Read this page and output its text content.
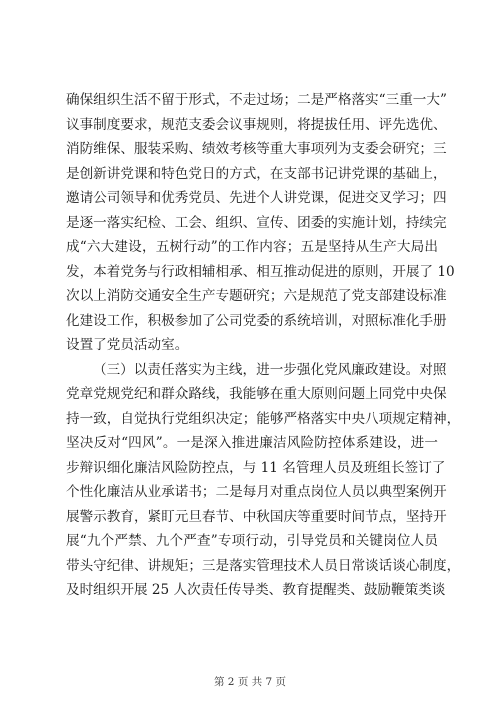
确保组织生活不留于形式，不走过场；二是严格落实“三重一大”
议事制度要求，规范支委会议事规则，将提拔任用、评先选优、
消防维保、服装采购、绩效考核等重大事项列为支委会研究；三
是创新讲党课和特色党日的方式，在支部书记讲党课的基础上，
邀请公司领导和优秀党员、先进个人讲党课，促进交叉学习；四
是逐一落实纪检、工会、组织、宣传、团委的实施计划，持续完
成“六大建设，五树行动”的工作内容；五是坚持从生产大局出
发，本着党务与行政相辅相承、相互推动促进的原则，开展了 10
次以上消防交通安全生产专题研究；六是规范了党支部建设标准
化建设工作，积极参加了公司党委的系统培训，对照标准化手册
设置了党员活动室。
（三）以责任落实为主线，进一步强化党风廉政建设。对照
党章党规党纪和群众路线，我能够在重大原则问题上同党中央保
持一致，自觉执行党组织决定；能够严格落实中央八项规定精神，
坚决反对“四风”。一是深入推进廉洁风险防控体系建设，进一
步辩识细化廉洁风险防控点，与 11 名管理人员及班组长签订了
个性化廉洁从业承诺书；二是每月对重点岗位人员以典型案例开
展警示教育，紧盯元旦春节、中秋国庆等重要时间节点，坚持开
展“九个严禁、九个严查”专项行动，引导党员和关键岗位人员
带头守纪律、讲规矩；三是落实管理技术人员日常谈话谈心制度，
及时组织开展 25 人次责任传导类、教育提醒类、鼓励鞭策类谈
第 2 页 共 7 页
